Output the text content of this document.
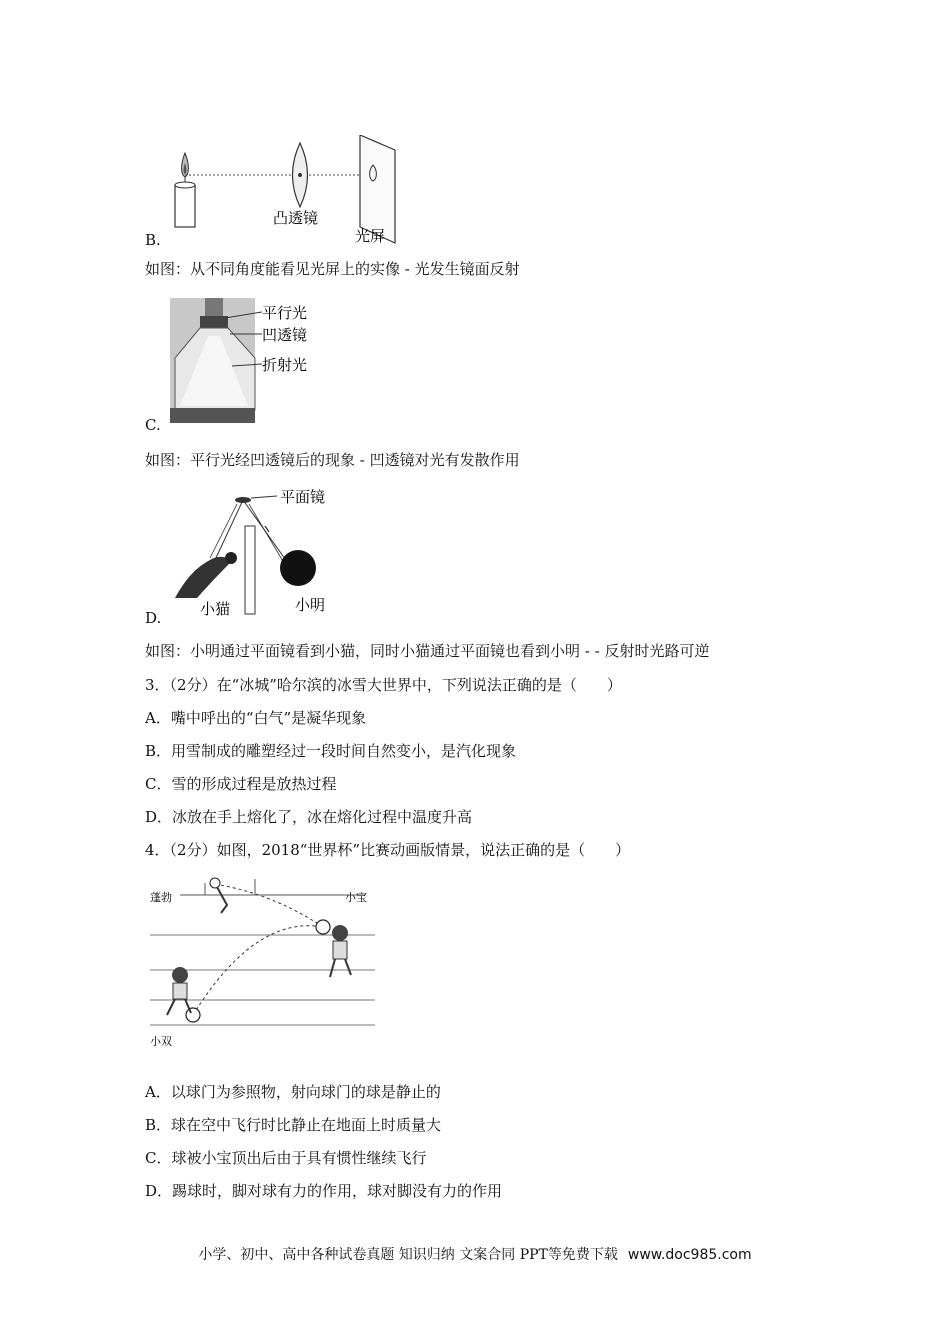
凸透镜
光屏
B.
如图：从不同角度能看见光屏上的实像 - 光发生镜面反射
平行光
凹透镜
折射光
C.
如图：平行光经凹透镜后的现象 - 凹透镜对光有发散作用
平面镜
小猫	小明
D.
如图：小明通过平面镜看到小猫，同时小猫通过平面镜也看到小明 - - 反射时光路可逆
3．（2分）在“冰城”哈尔滨的冰雪大世界中，下列说法正确的是（　　）
A．嘴中呼出的“白气”是凝华现象
B．用雪制成的雕塑经过一段时间自然变小，是汽化现象
C．雪的形成过程是放热过程
D．冰放在手上熔化了，冰在熔化过程中温度升高
4．（2分）如图，2018“世界杯”比赛动画版情景，说法正确的是（　　）
蓬勃	小宝
小双
A．以球门为参照物，射向球门的球是静止的
B．球在空中飞行时比静止在地面上时质量大
C．球被小宝顶出后由于具有惯性继续飞行
D．踢球时，脚对球有力的作用，球对脚没有力的作用
小学、初中、高中各种试卷真题 知识归纳 文案合同 PPT等免费下载 www.doc985.com
